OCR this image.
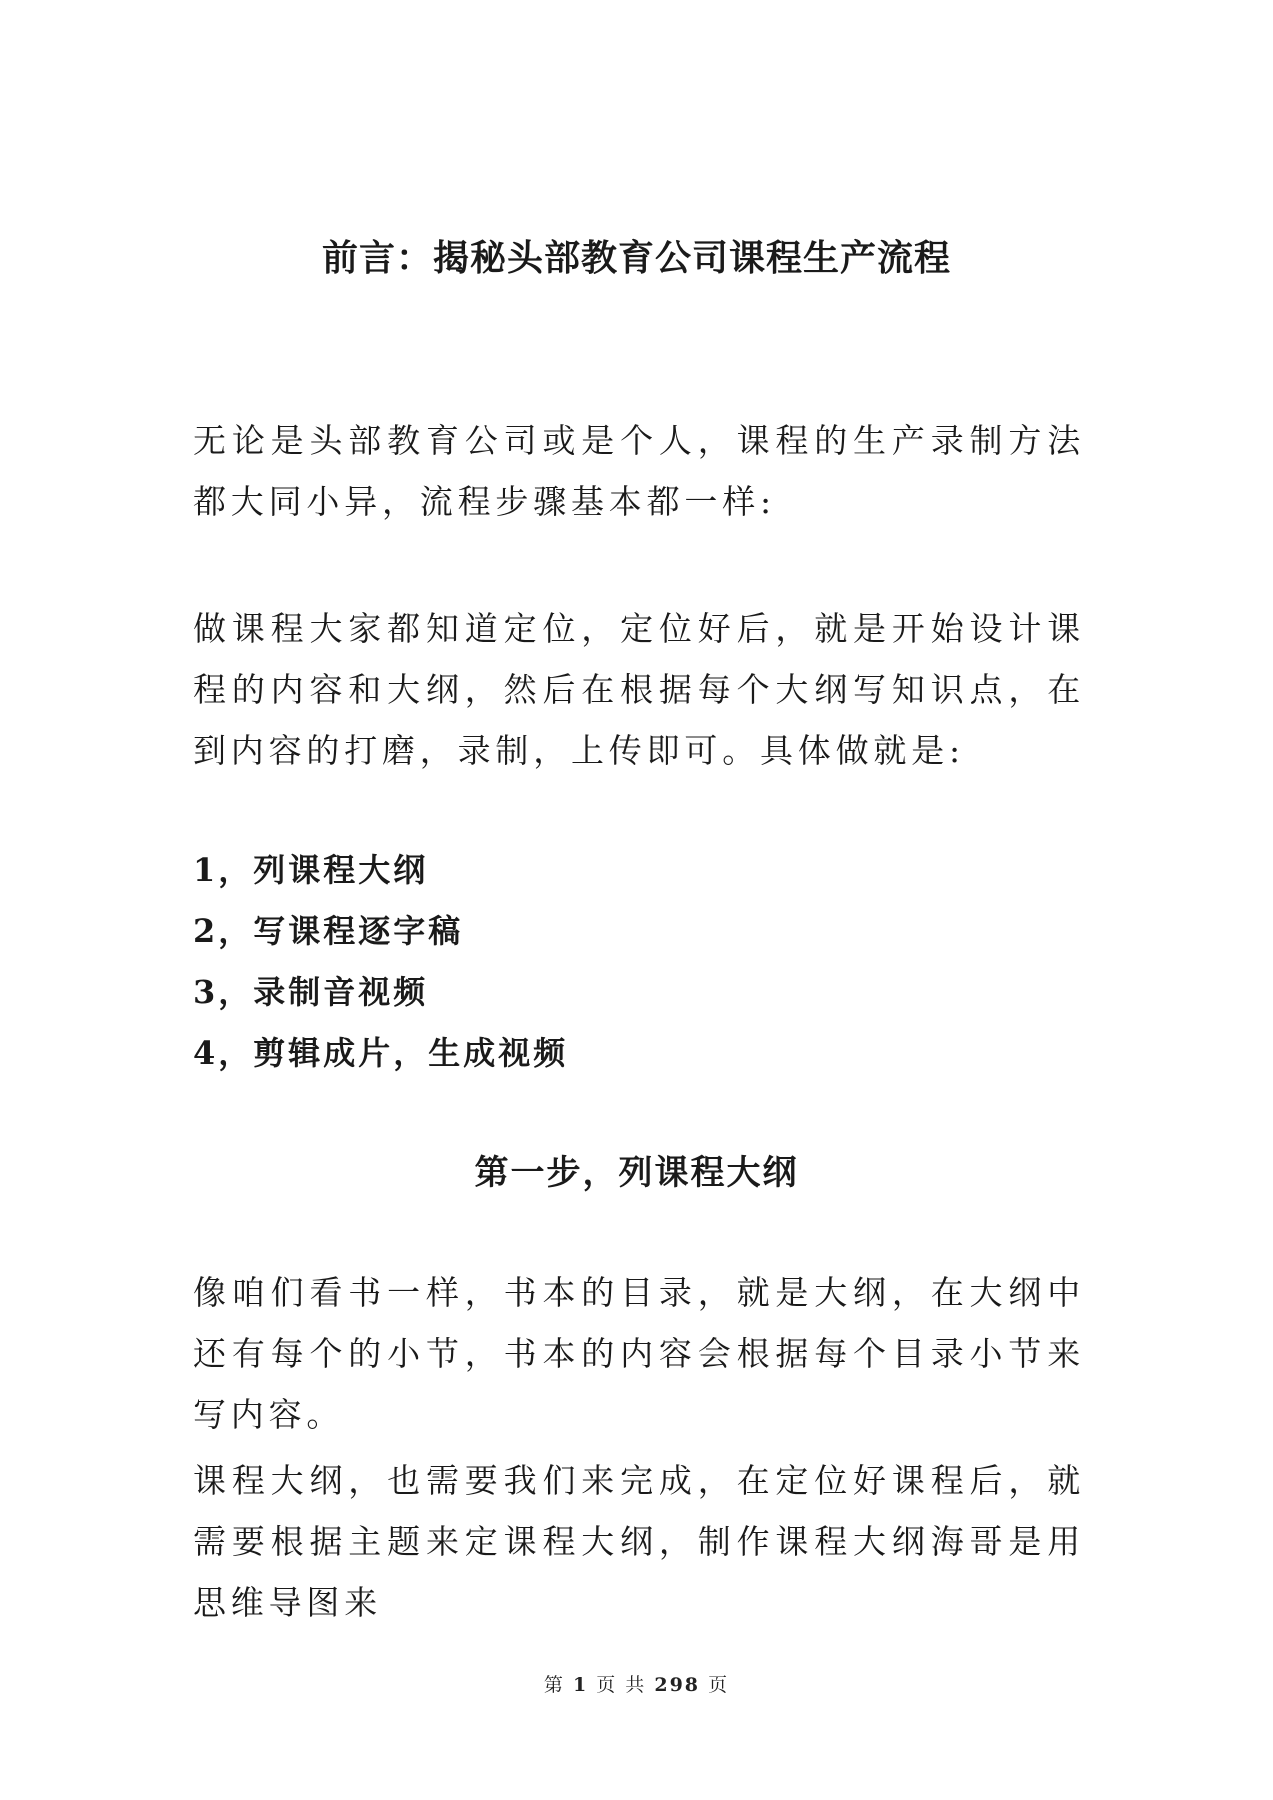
前言：揭秘头部教育公司课程生产流程

无论是头部教育公司或是个人，课程的生产录制方法都大同小异，流程步骤基本都一样:

做课程大家都知道定位，定位好后，就是开始设计课程的内容和大纲，然后在根据每个大纲写知识点，在到内容的打磨，录制，上传即可。具体做就是:

1，列课程大纲
2，写课程逐字稿
3，录制音视频
4，剪辑成片，生成视频
第一步，列课程大纲

像咱们看书一样，书本的目录，就是大纲，在大纲中还有每个的小节，书本的内容会根据每个目录小节来写内容。

课程大纲，也需要我们来完成，在定位好课程后，就需要根据主题来定课程大纲，制作课程大纲海哥是用思维导图来

第 1 页 共 298 页
